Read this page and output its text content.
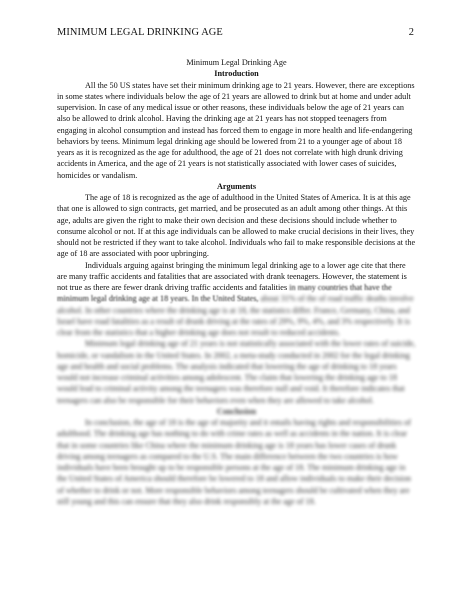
MINIMUM LEGAL DRINKING AGE	2

Minimum Legal Drinking Age

Introduction

All the 50 US states have set their minimum drinking age to 21 years. However, there are exceptions in some states where individuals below the age of 21 years are allowed to drink but at home and under adult supervision. In case of any medical issue or other reasons, these individuals below the age of 21 years can also be allowed to drink alcohol. Having the drinking age at 21 years has not stopped teenagers from engaging in alcohol consumption and instead has forced them to engage in more health and life-endangering behaviors by teens. Minimum legal drinking age should be lowered from 21 to a younger age of about 18 years as it is recognized as the age for adulthood, the age of 21 does not correlate with high drunk driving accidents in America, and the age of 21 years is not statistically associated with lower cases of suicides, homicides or vandalism.

Arguments

The age of 18 is recognized as the age of adulthood in the United States of America. It is at this age that one is allowed to sign contracts, get married, and be prosecuted as an adult among other things. At this age, adults are given the right to make their own decision and these decisions should include whether to consume alcohol or not. If at this age individuals can be allowed to make crucial decisions in their lives, they should not be restricted if they want to take alcohol. Individuals who fail to make responsible decisions at the age of 18 are associated with poor upbringing.

Individuals arguing against bringing the minimum legal drinking age to a lower age cite that there are many traffic accidents and fatalities that are associated with drank teenagers. However, the statement is not true as there are fewer drank driving traffic accidents and fatalities in many countries that have the minimum legal drinking age at 18 years. In the United States, about 31% of the of road traffic deaths involve alcohol. In other countries where the drinking age is at 18, the statistics differ. France, Germany, China, and Israel have road fatalities as a result of drunk driving at the rates of 29%, 9%, 4%, and 3% respectively. It is clear from the statistics that a higher drinking age does not result to reduced accidents.

Minimum legal drinking age of 21 years is not statistically associated with the lower rates of suicide, homicide, or vandalism in the United States. In 2002, a meta-study conducted in 2002 for the legal drinking age and health and social problems. The analysis indicated that lowering the age of drinking to 18 years would not increase criminal activities among adolescent. The claim that lowering the drinking age to 18 would lead to criminal activity among the teenagers was therefore null and void. It therefore indicates that teenagers can also be responsible for their behaviors even when they are allowed to take alcohol.

Conclusion

In conclusion, the age of 18 is the age of majority and it entails having rights and responsibilities of adulthood. The drinking age has nothing to do with crime rates as well as accidents in the nation. It is clear that in some countries like China where the minimum drinking age is 18 years has lower cases of drunk driving among teenagers as compared to the U.S. The main difference between the two countries is how individuals have been brought up to be responsible persons at the age of 18. The minimum drinking age in the United States of America should therefore be lowered to 18 and allow individuals to make their decision of whether to drink or not. More responsible behaviors among teenagers should be cultivated when they are still young and this can ensure that they also drink responsibly at the age of 18.
